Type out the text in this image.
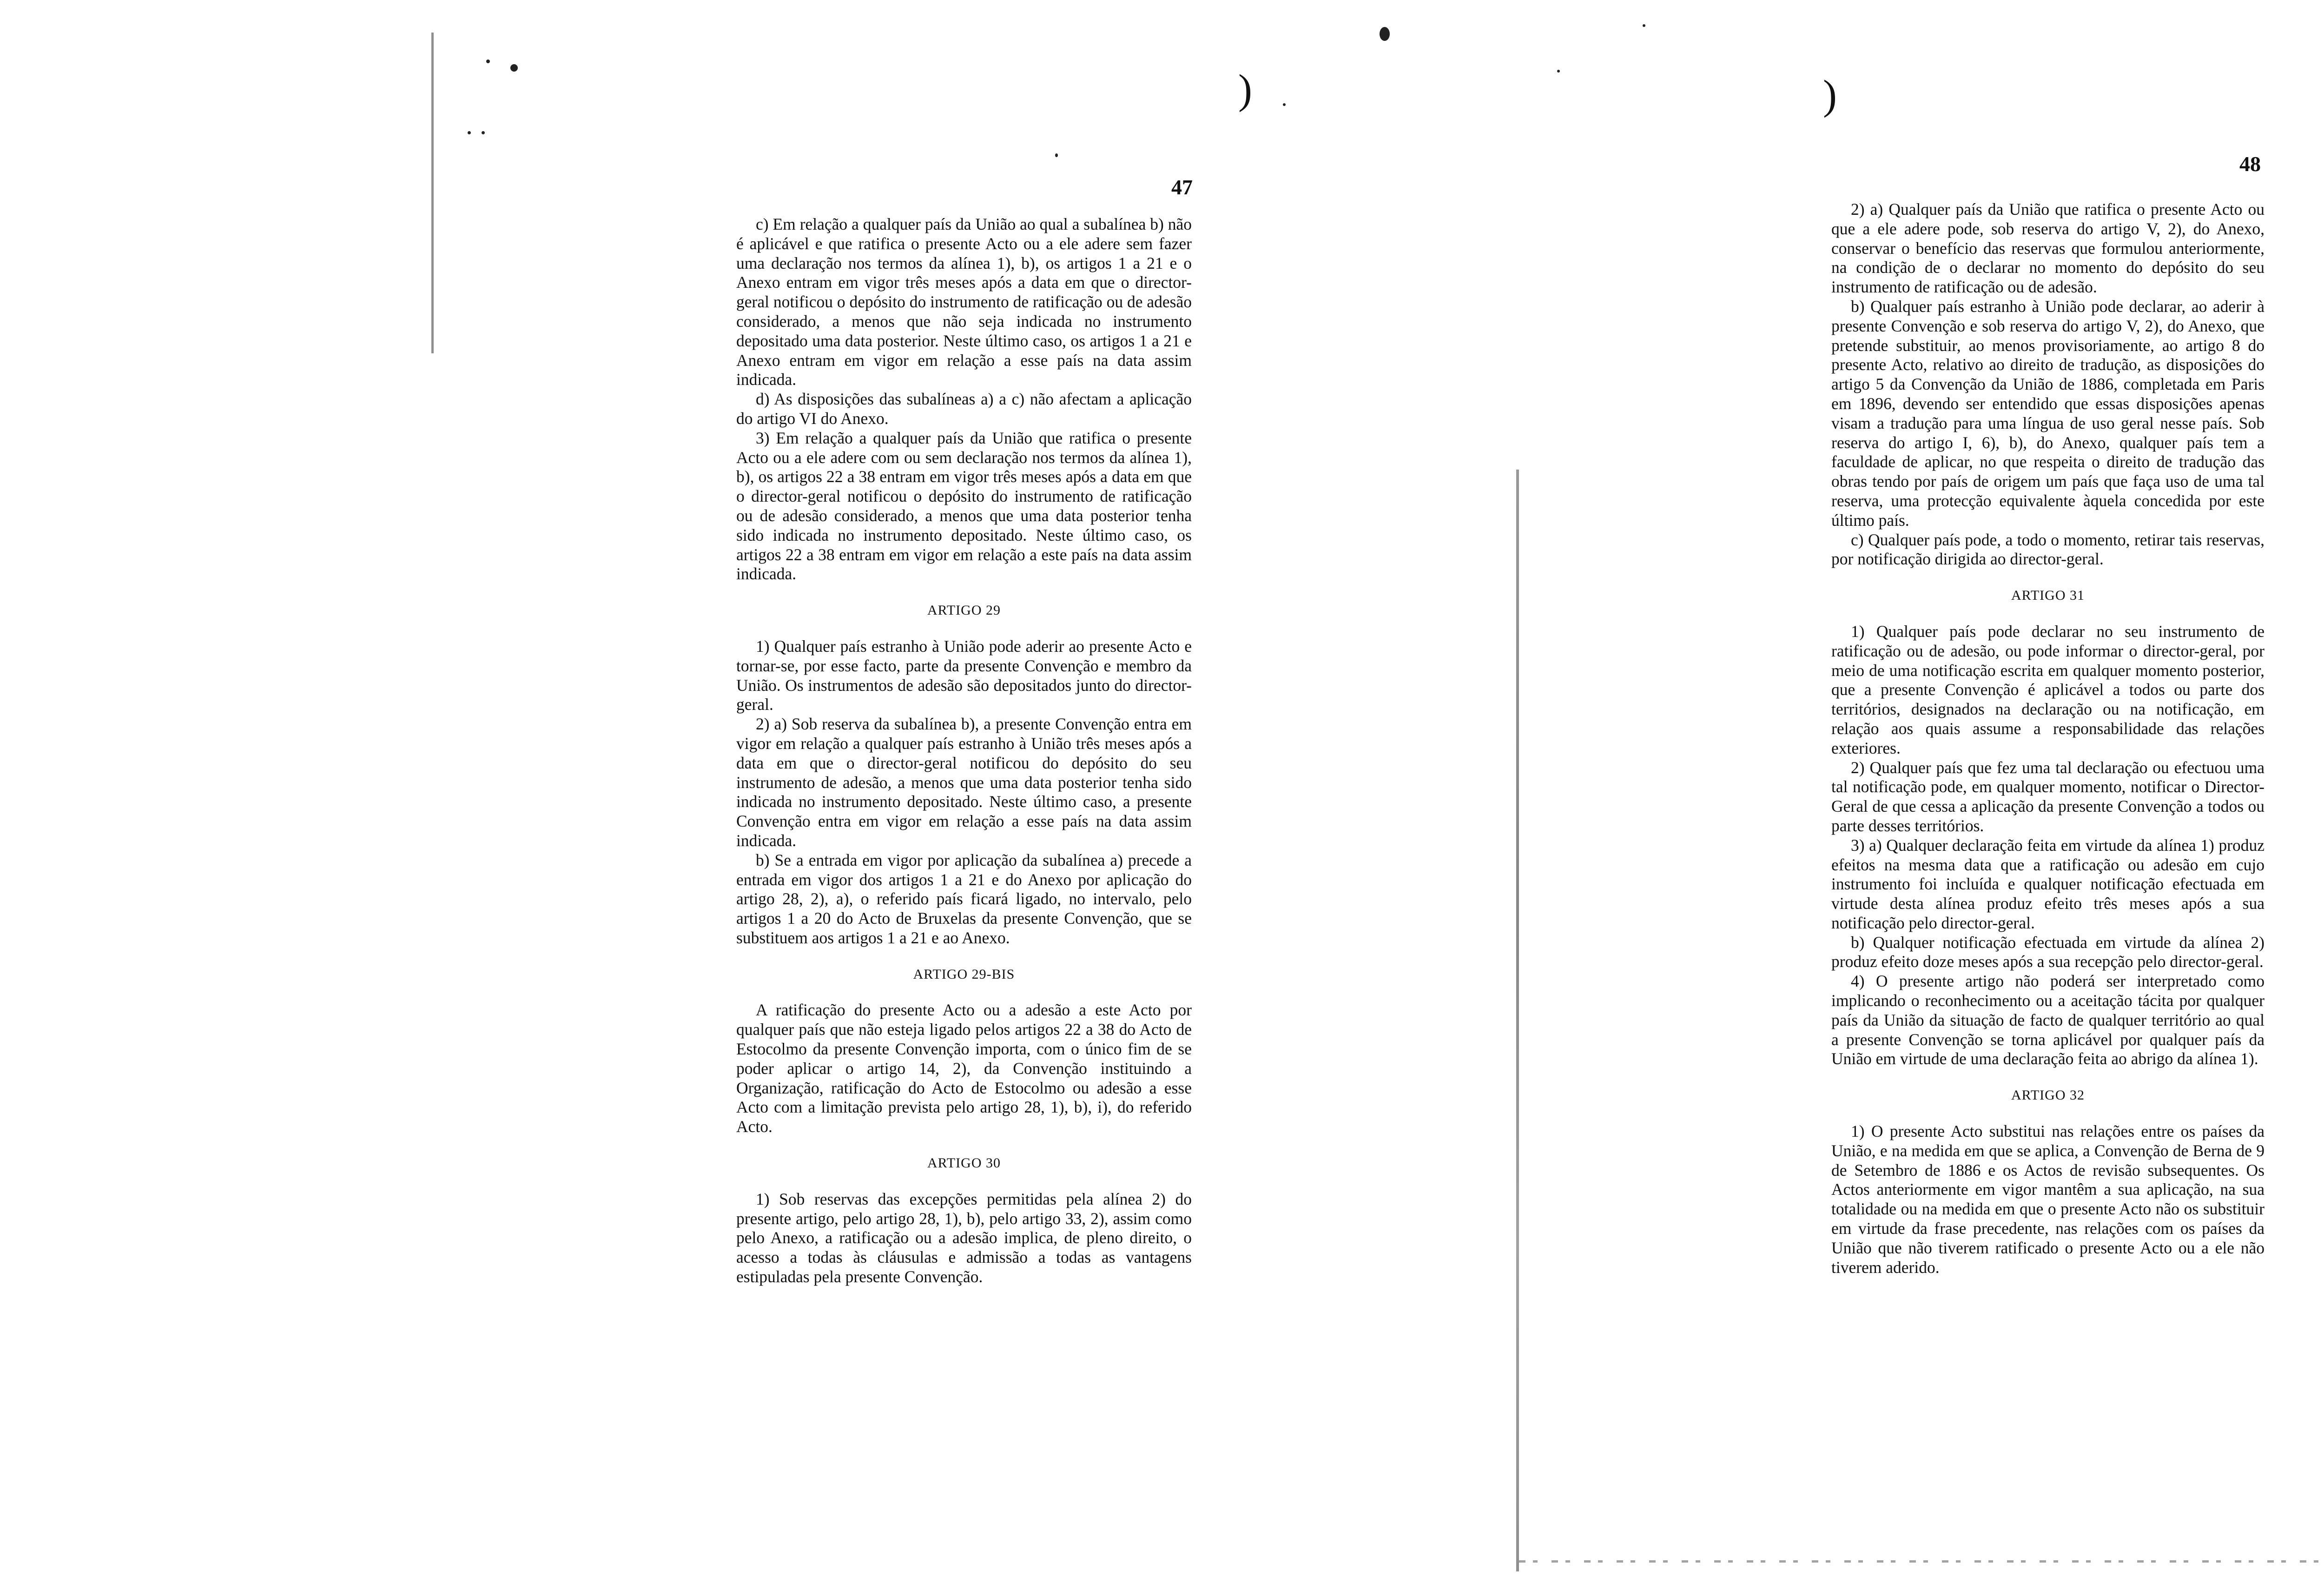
)	)
47

c) Em relação a qualquer país da União ao qual a subalínea b) não é aplicável e que ratifica o presente Acto ou a ele adere sem fazer uma declaração nos termos da alínea 1), b), os artigos 1 a 21 e o Anexo entram em vigor três meses após a data em que o director-geral notificou o depósito do instrumento de ratificação ou de adesão considerado, a menos que não seja indicada no instrumento depositado uma data posterior. Neste último caso, os artigos 1 a 21 e Anexo entram em vigor em relação a esse país na data assim indicada.

d) As disposições das subalíneas a) a c) não afectam a aplicação do artigo VI do Anexo.

3) Em relação a qualquer país da União que ratifica o presente Acto ou a ele adere com ou sem declaração nos termos da alínea 1), b), os artigos 22 a 38 entram em vigor três meses após a data em que o director-geral notificou o depósito do instrumento de ratificação ou de adesão considerado, a menos que uma data posterior tenha sido indicada no instrumento depositado. Neste último caso, os artigos 22 a 38 entram em vigor em relação a este país na data assim indicada.

ARTIGO 29

1) Qualquer país estranho à União pode aderir ao presente Acto e tornar-se, por esse facto, parte da presente Convenção e membro da União. Os instrumentos de adesão são depositados junto do director-geral.

2) a) Sob reserva da subalínea b), a presente Convenção entra em vigor em relação a qualquer país estranho à União três meses após a data em que o director-geral notificou do depósito do seu instrumento de adesão, a menos que uma data posterior tenha sido indicada no instrumento depositado. Neste último caso, a presente Convenção entra em vigor em relação a esse país na data assim indicada.

b) Se a entrada em vigor por aplicação da subalínea a) precede a entrada em vigor dos artigos 1 a 21 e do Anexo por aplicação do artigo 28, 2), a), o referido país ficará ligado, no intervalo, pelo artigos 1 a 20 do Acto de Bruxelas da presente Convenção, que se substituem aos artigos 1 a 21 e ao Anexo.

ARTIGO 29-BIS

A ratificação do presente Acto ou a adesão a este Acto por qualquer país que não esteja ligado pelos artigos 22 a 38 do Acto de Estocolmo da presente Convenção importa, com o único fim de se poder aplicar o artigo 14, 2), da Convenção instituindo a Organização, ratificação do Acto de Estocolmo ou adesão a esse Acto com a limitação prevista pelo artigo 28, 1), b), i), do referido Acto.

ARTIGO 30

1) Sob reservas das excepções permitidas pela alínea 2) do presente artigo, pelo artigo 28, 1), b), pelo artigo 33, 2), assim como pelo Anexo, a ratificação ou a adesão implica, de pleno direito, o acesso a todas às cláusulas e admissão a todas as vantagens estipuladas pela presente Convenção.

48

2) a) Qualquer país da União que ratifica o presente Acto ou que a ele adere pode, sob reserva do artigo V, 2), do Anexo, conservar o benefício das reservas que formulou anteriormente, na condição de o declarar no momento do depósito do seu instrumento de ratificação ou de adesão.

b) Qualquer país estranho à União pode declarar, ao aderir à presente Convenção e sob reserva do artigo V, 2), do Anexo, que pretende substituir, ao menos provisoriamente, ao artigo 8 do presente Acto, relativo ao direito de tradução, as disposições do artigo 5 da Convenção da União de 1886, completada em Paris em 1896, devendo ser entendido que essas disposições apenas visam a tradução para uma língua de uso geral nesse país. Sob reserva do artigo I, 6), b), do Anexo, qualquer país tem a faculdade de aplicar, no que respeita o direito de tradução das obras tendo por país de origem um país que faça uso de uma tal reserva, uma protecção equivalente àquela concedida por este último país.

c) Qualquer país pode, a todo o momento, retirar tais reservas, por notificação dirigida ao director-geral.

ARTIGO 31

1) Qualquer país pode declarar no seu instrumento de ratificação ou de adesão, ou pode informar o director-geral, por meio de uma notificação escrita em qualquer momento posterior, que a presente Convenção é aplicável a todos ou parte dos territórios, designados na declaração ou na notificação, em relação aos quais assume a responsabilidade das relações exteriores.

2) Qualquer país que fez uma tal declaração ou efectuou uma tal notificação pode, em qualquer momento, notificar o Director-Geral de que cessa a aplicação da presente Convenção a todos ou parte desses territórios.

3) a) Qualquer declaração feita em virtude da alínea 1) produz efeitos na mesma data que a ratificação ou adesão em cujo instrumento foi incluída e qualquer notificação efectuada em virtude desta alínea produz efeito três meses após a sua notificação pelo director-geral.

b) Qualquer notificação efectuada em virtude da alínea 2) produz efeito doze meses após a sua recepção pelo director-geral.

4) O presente artigo não poderá ser interpretado como implicando o reconhecimento ou a aceitação tácita por qualquer país da União da situação de facto de qualquer território ao qual a presente Convenção se torna aplicável por qualquer país da União em virtude de uma declaração feita ao abrigo da alínea 1).

ARTIGO 32

1) O presente Acto substitui nas relações entre os países da União, e na medida em que se aplica, a Convenção de Berna de 9 de Setembro de 1886 e os Actos de revisão subsequentes. Os Actos anteriormente em vigor mantêm a sua aplicação, na sua totalidade ou na medida em que o presente Acto não os substituir em virtude da frase precedente, nas relações com os países da União que não tiverem ratificado o presente Acto ou a ele não tiverem aderido.
